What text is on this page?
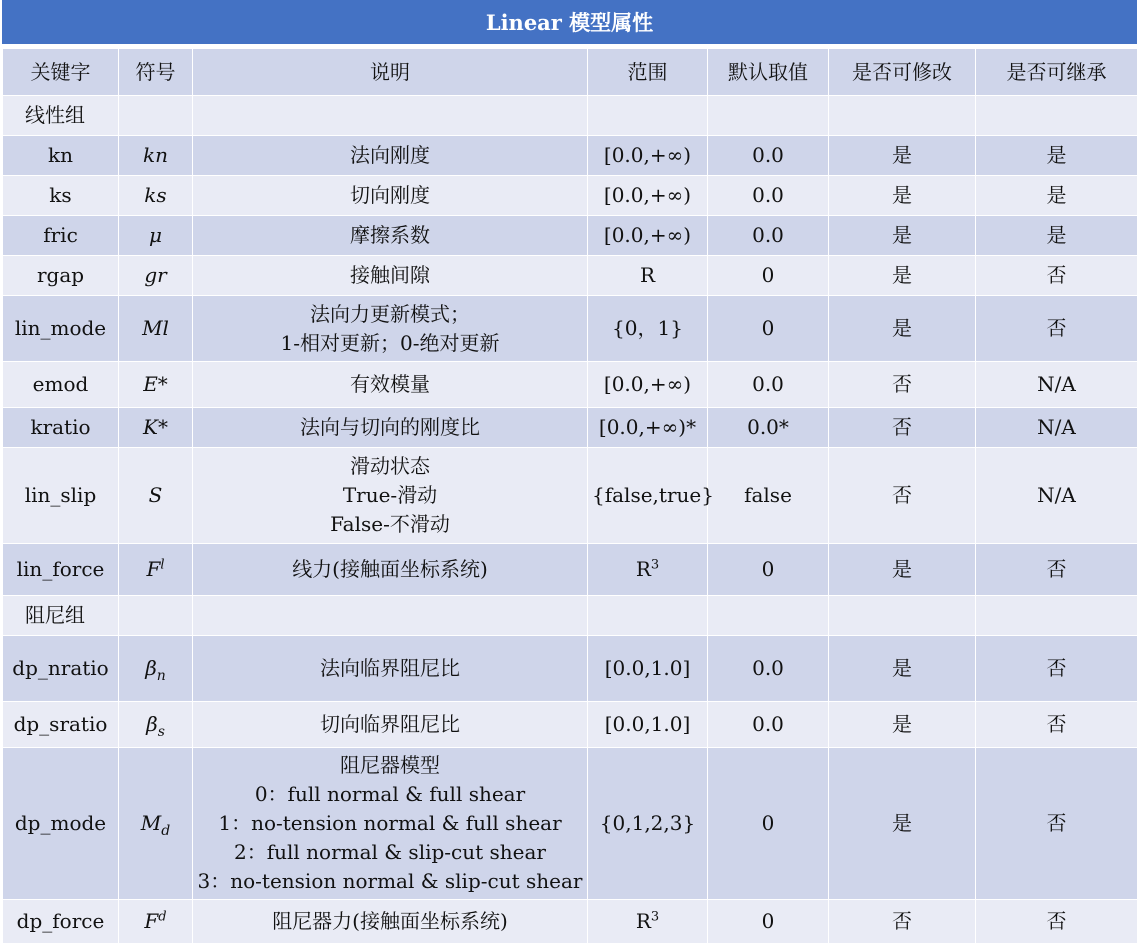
Linear 模型属性
关键字	符号	说明	范围	默认取值	是否可修改	是否可继承
线性组						
kn	kn	法向刚度	[0.0,+∞)	0.0	是	是
ks	ks	切向刚度	[0.0,+∞)	0.0	是	是
fric	μ	摩擦系数	[0.0,+∞)	0.0	是	是
rgap	gr	接触间隙	R	0	是	否
lin_mode	Ml	法向力更新模式；
1-相对更新；0-绝对更新	{0，1}	0	是	否
emod	E*	有效模量	[0.0,+∞)	0.0	否	N/A
kratio	K*	法向与切向的刚度比	[0.0,+∞)*	0.0*	否	N/A
lin_slip	S	滑动状态
True-滑动
False-不滑动	{false,true}	false	否	N/A
lin_force	$F^l$	线力(接触面坐标系统)	$R^3$	0	是	否
阻尼组						
dp_nratio	$\beta_n$	法向临界阻尼比	[0.0,1.0]	0.0	是	否
dp_sratio	$\beta_s$	切向临界阻尼比	[0.0,1.0]	0.0	是	否
dp_mode	$M_d$	阻尼器模型
0：full normal & full shear
1：no-tension normal & full shear
2：full normal & slip-cut shear
3：no-tension normal & slip-cut shear	{0,1,2,3}	0	是	否
dp_force	$F^d$	阻尼器力(接触面坐标系统)	$R^3$	0	否	否
